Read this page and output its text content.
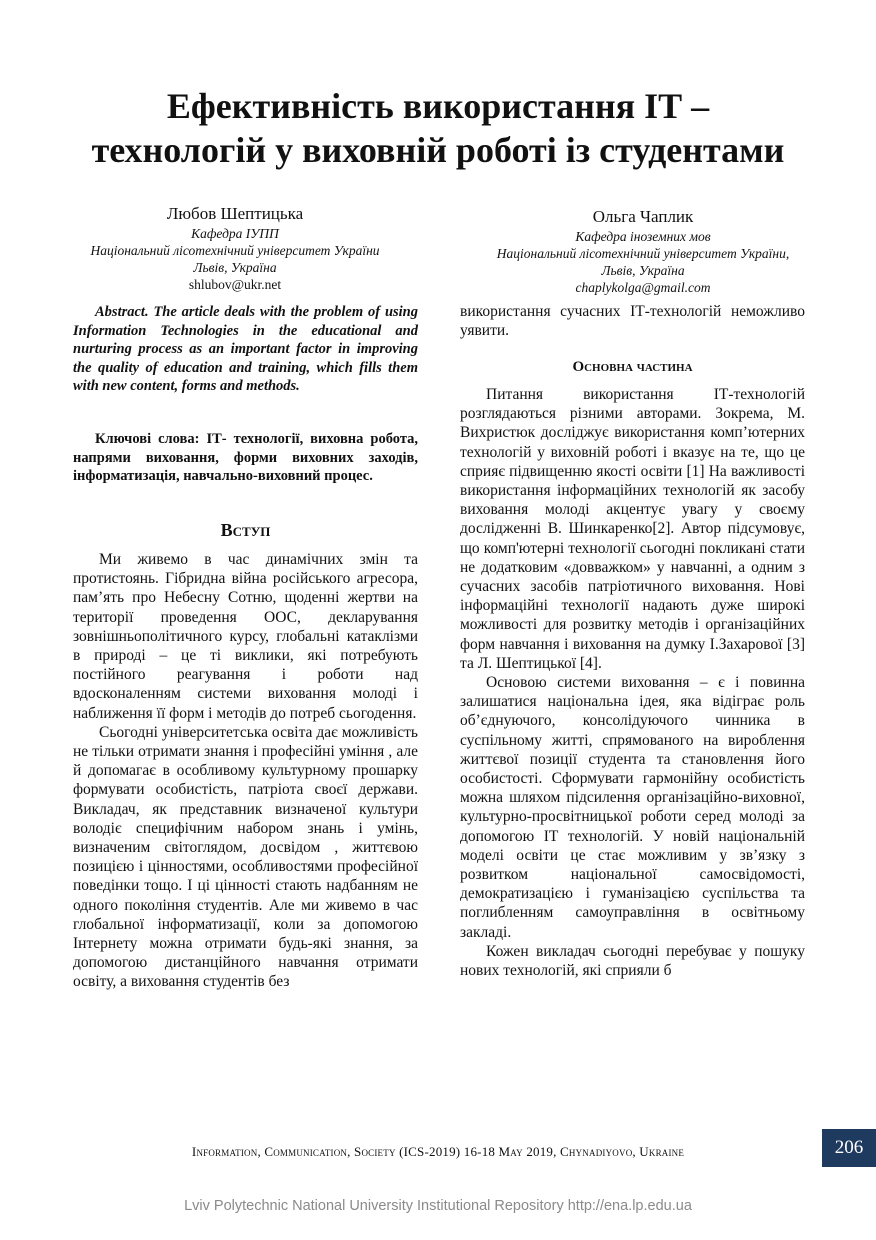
Ефективність використання ІТ –
технологій у виховній роботі із студентами
Любов Шептицька
Кафедра ІУПП
Національний лісотехнічний університет України
Львів, Україна
shlubov@ukr.net
Ольга Чаплик
Кафедра іноземних мов
Національний лісотехнічний університет України,
Львів, Україна
chaplykolga@gmail.com
Abstract. The article deals with the problem of using Information Technologies in the educational and nurturing process as an important factor in improving the quality of education and training, which fills them with new content, forms and methods.
Ключові слова: ІТ- технології, виховна робота, напрями виховання, форми виховних заходів, інформатизація, навчально-виховний процес.
Вступ

Ми живемо в час динамічних змін та протистоянь. Гібридна війна російського агресора, пам’ять про Небесну Сотню, щоденні жертви на території проведення ООС, декларування зовнішньополітичного курсу, глобальні катаклізми в природі – це ті виклики, які потребують постійного реагування і роботи над вдосконаленням системи виховання молоді і наближення її форм і методів до потреб сьогодення.

Сьогодні університетська освіта дає можливість не тільки отримати знання і професійні уміння , але й допомагає в особливому культурному прошарку формувати особистість, патріота своєї держави. Викладач, як представник визначеної культури володіє специфічним набором знань і умінь, визначеним світоглядом, досвідом , життєвою позицією і цінностями, особливостями професійної поведінки тощо. І ці цінності стають надбанням не одного покоління студентів. Але ми живемо в час глобальної інформатизації, коли за допомогою Інтернету можна отримати будь-які знання, за допомогою дистанційного навчання отримати освіту, а виховання студентів без

використання сучасних ІТ-технологій неможливо уявити.

Основна частина

Питання використання ІТ-технологій розглядаються різними авторами. Зокрема, М. Вихристюк досліджує використання комп’ютерних технологій у виховній роботі і вказує на те, що це сприяє підвищенню якості освіти [1] На важливості використання інформаційних технологій як засобу виховання молоді акцентує увагу у своєму дослідженні В. Шинкаренко[2]. Автор підсумовує, що комп'ютерні технології сьогодні покликані стати не додатковим «довважком» у навчанні, а одним з сучасних засобів патріотичного виховання. Нові інформаційні технології надають дуже широкі можливості для розвитку методів і організаційних форм навчання і виховання на думку І.Захарової [3] та Л. Шептицької [4].

Основою системи виховання – є і повинна залишатися національна ідея, яка відіграє роль об’єднуючого, консолідуючого чинника в суспільному житті, спрямованого на вироблення життєвої позиції студента та становлення його особистості. Сформувати гармонійну особистість можна шляхом підсилення організаційно-виховної, культурно-просвітницької роботи серед молоді за допомогою ІТ технологій. У новій національній моделі освіти це стає можливим у зв’язку з розвитком національної самосвідомості, демократизацією і гуманізацією суспільства та поглибленням самоуправління в освітньому закладі.

Кожен викладач сьогодні перебуває у пошуку нових технологій, які сприяли б

Information, Communication, Society (ICS-2019) 16-18 May 2019, Chynadiyovo, Ukraine	206
Lviv Polytechnic National University Institutional Repository http://ena.lp.edu.ua
